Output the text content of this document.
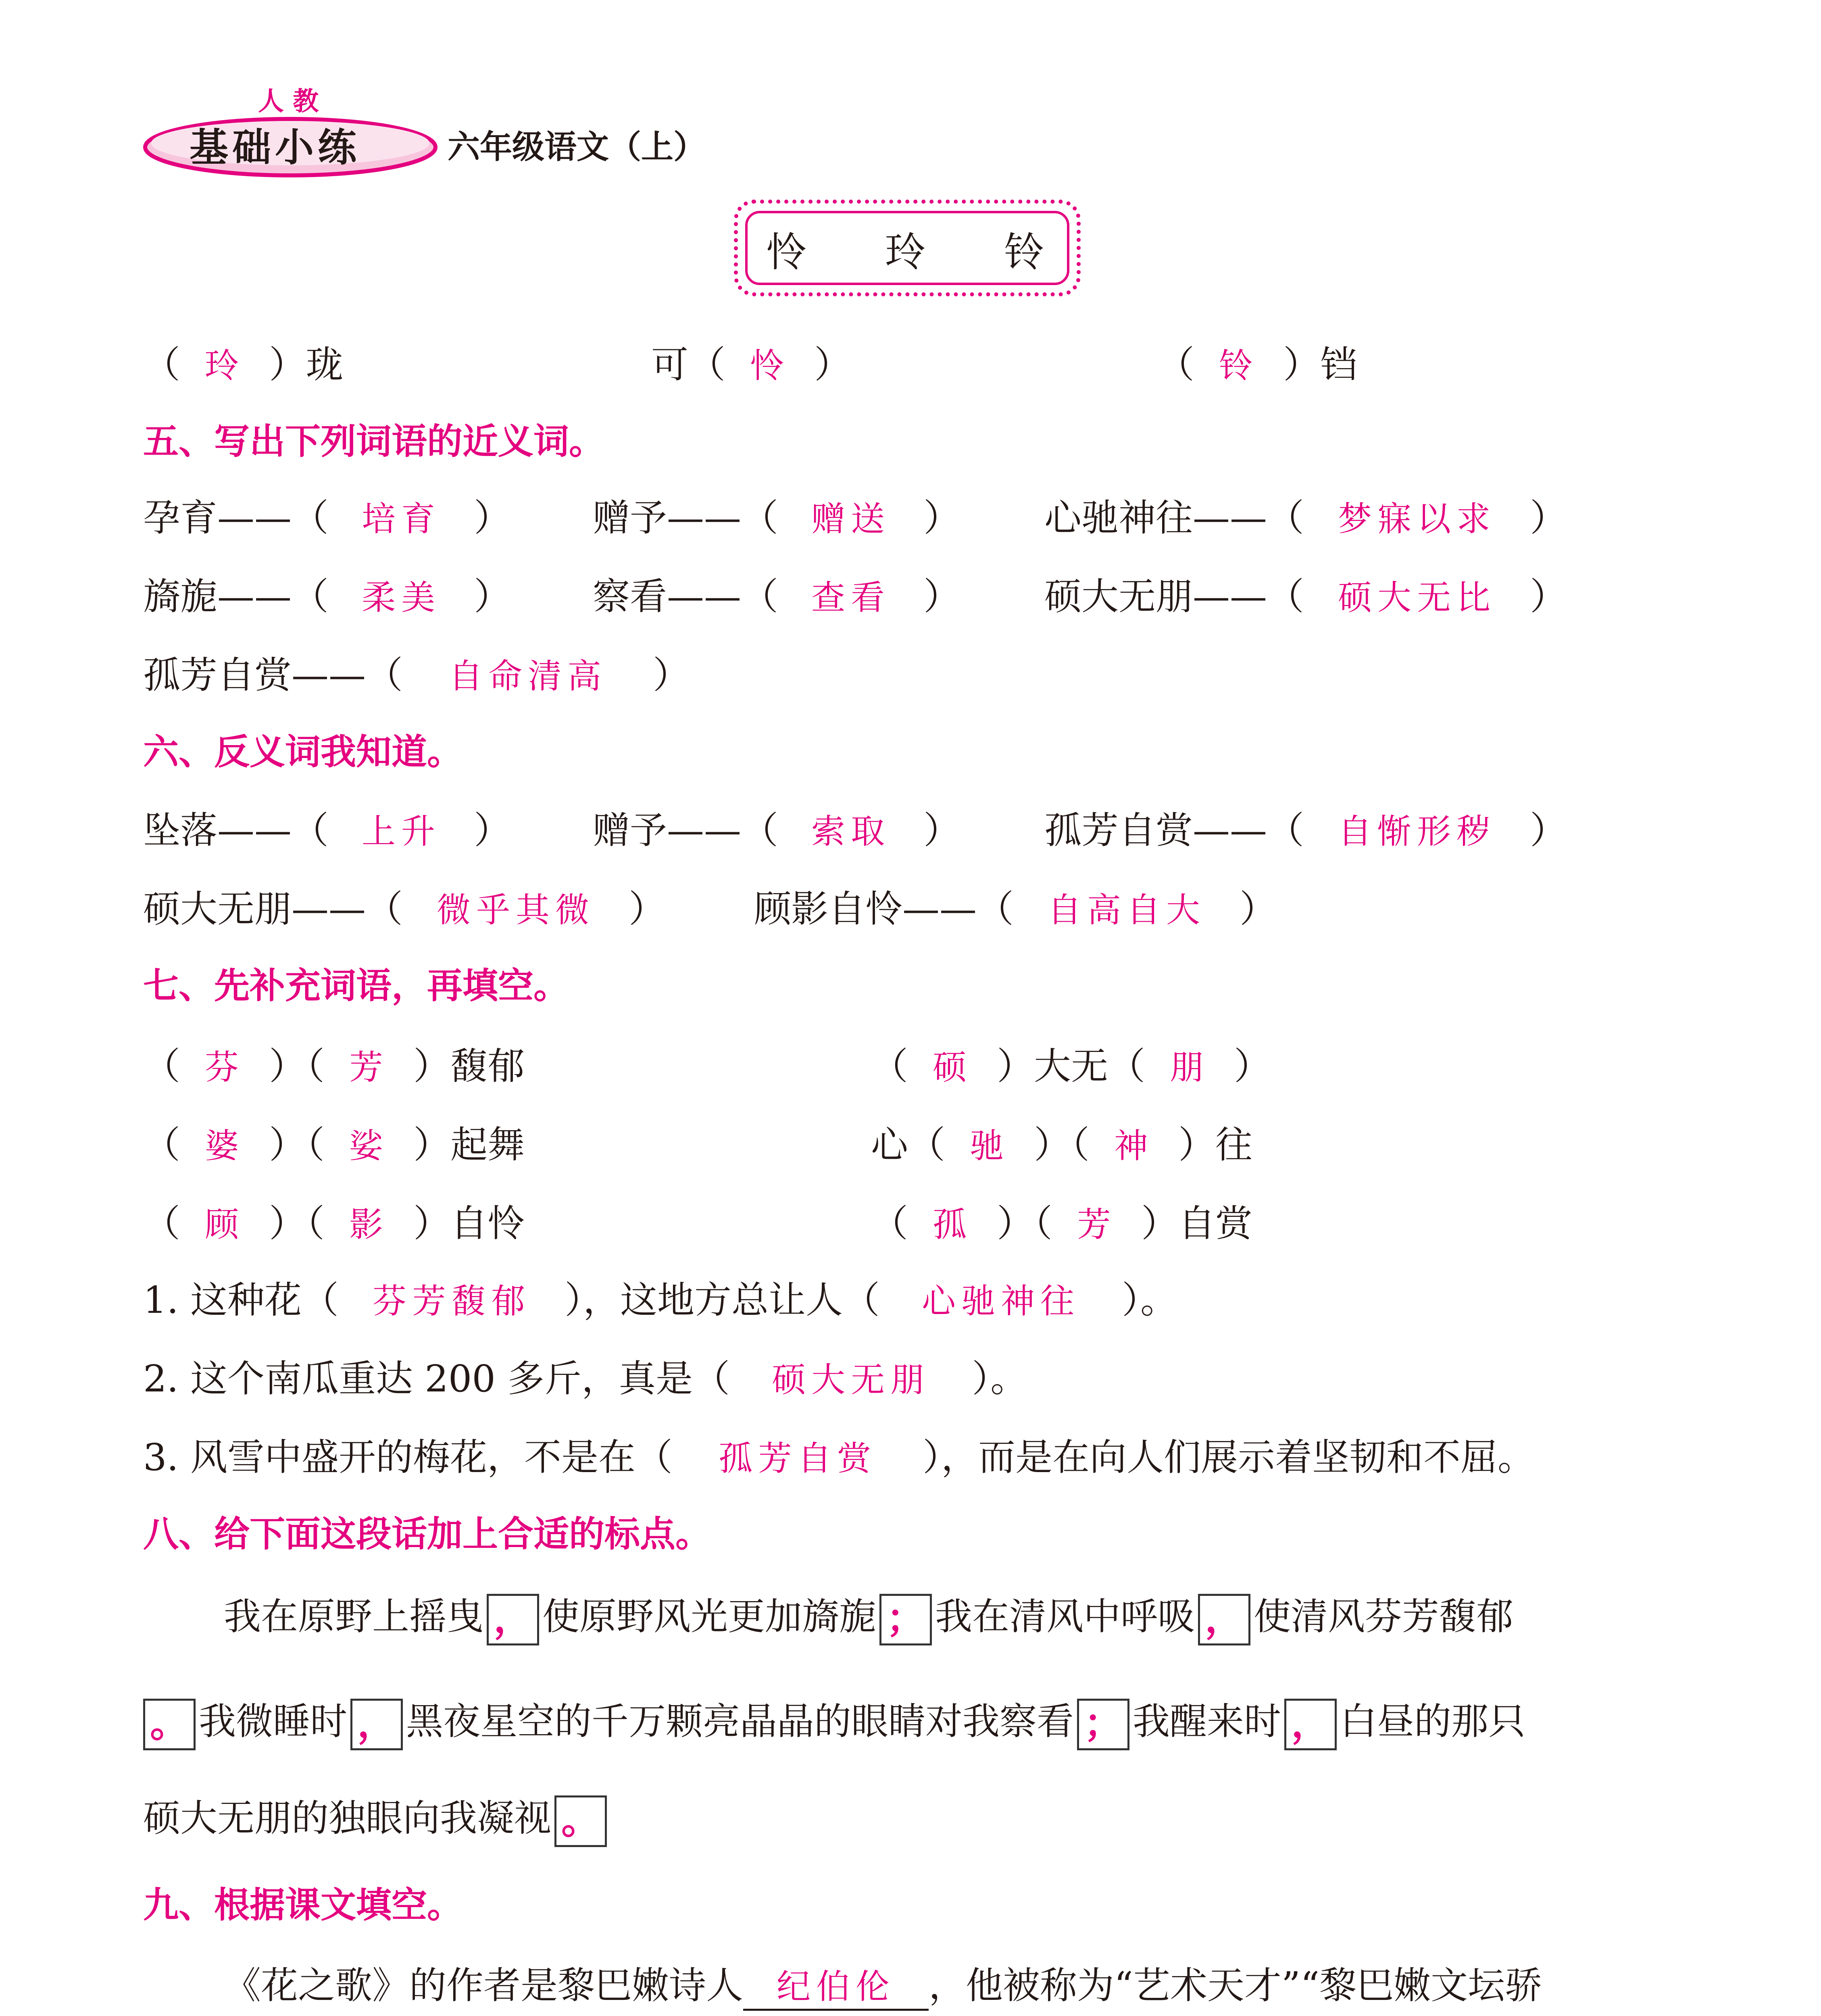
人 教
基础小练	六年级语文（上）
怜 玲 铃
（ 玲 ）珑	可（ 怜 ）	（ 铃 ）铛
五、写出下列词语的近义词。
孕育——（ 培育 ） 赠予——（ 赠送 ） 心驰神往——（ 梦寐以求 ）
旖旎——（ 柔美 ） 察看——（ 查看 ） 硕大无朋——（ 硕大无比 ）
孤芳自赏——（ 自命清高 ）
六、反义词我知道。
坠落——（ 上升 ） 赠予——（ 索取 ） 孤芳自赏——（ 自惭形秽 ）
硕大无朋——（ 微乎其微 ） 顾影自怜——（ 自高自大 ）
七、先补充词语，再填空。
（ 芬 ）（ 芳 ）馥郁	（ 硕 ）大无（ 朋 ）
（ 婆 ）（ 娑 ）起舞	心（ 驰 ）（ 神 ）往
（ 顾 ）（ 影 ）自怜	（ 孤 ）（ 芳 ）自赏
1. 这种花（ 芬芳馥郁 ），这地方总让人（ 心驰神往 ）。
2. 这个南瓜重达 200 多斤，真是（ 硕大无朋 ）。
3. 风雪中盛开的梅花，不是在（ 孤芳自赏 ），而是在向人们展示着坚韧和不屈。
八、给下面这段话加上合适的标点。
我在原野上摇曳 ， 使原野风光更加旖旎 ； 我在清风中呼吸 ， 使清风芬芳馥郁
。 我微睡时 ， 黑夜星空的千万颗亮晶晶的眼睛对我察看 ； 我醒来时 ， 白昼的那只
硕大无朋的独眼向我凝视 。
九、根据课文填空。
《花之歌》的作者是黎巴嫩诗人 纪伯伦 ，他被称为“艺术天才”“黎巴嫩文坛骄
